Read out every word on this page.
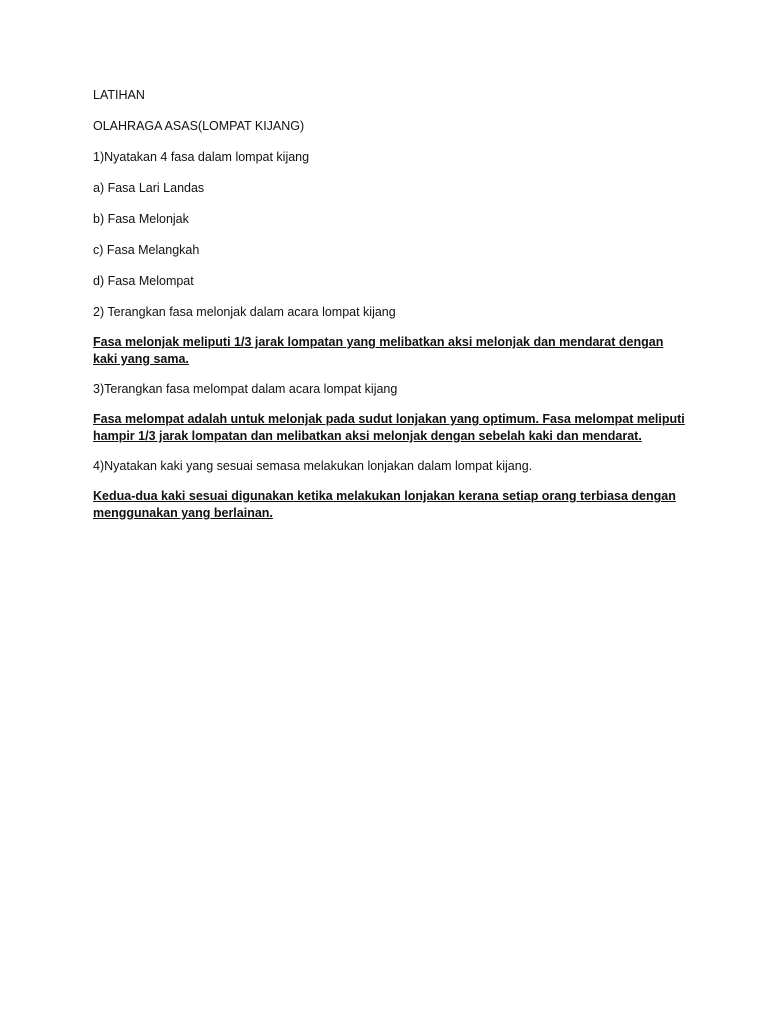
LATIHAN

OLAHRAGA ASAS(LOMPAT KIJANG)

1)Nyatakan 4 fasa dalam lompat kijang

a) Fasa Lari Landas

b) Fasa Melonjak

c) Fasa Melangkah

d) Fasa Melompat

2) Terangkan fasa melonjak dalam acara lompat kijang

Fasa melonjak meliputi 1/3 jarak lompatan yang melibatkan aksi melonjak dan mendarat dengan
kaki yang sama.

3)Terangkan fasa melompat dalam acara lompat kijang

Fasa melompat adalah untuk melonjak pada sudut lonjakan yang optimum. Fasa melompat meliputi
hampir 1/3 jarak lompatan dan melibatkan aksi melonjak dengan sebelah kaki dan mendarat.

4)Nyatakan kaki yang sesuai semasa melakukan lonjakan dalam lompat kijang.

Kedua-dua kaki sesuai digunakan ketika melakukan lonjakan kerana setiap orang terbiasa dengan
menggunakan yang berlainan.
